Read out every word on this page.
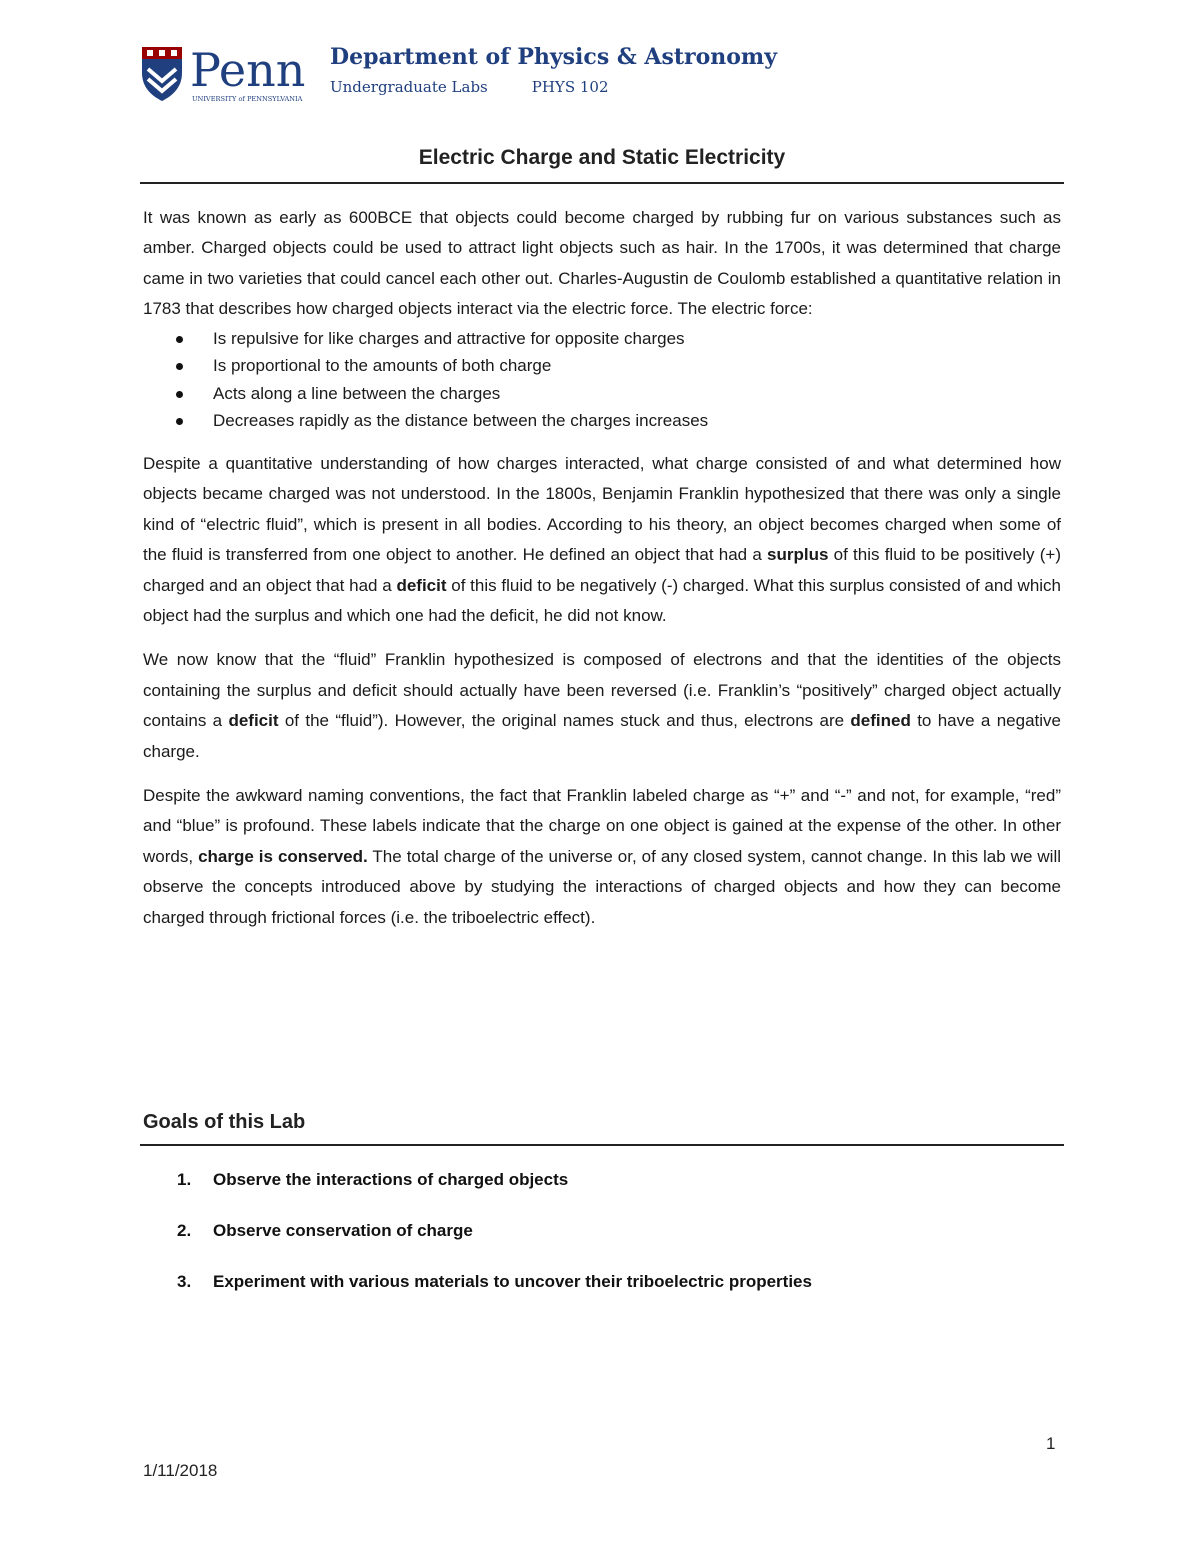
Penn
UNIVERSITY of PENNSYLVANIA
Department of Physics & Astronomy
Undergraduate Labs	PHYS 102
Electric Charge and Static Electricity

It was known as early as 600BCE that objects could become charged by rubbing fur on various substances such as amber. Charged objects could be used to attract light objects such as hair. In the 1700s, it was determined that charge came in two varieties that could cancel each other out. Charles-Augustin de Coulomb established a quantitative relation in 1783 that describes how charged objects interact via the electric force. The electric force:

Is repulsive for like charges and attractive for opposite charges
Is proportional to the amounts of both charge
Acts along a line between the charges
Decreases rapidly as the distance between the charges increases

Despite a quantitative understanding of how charges interacted, what charge consisted of and what determined how objects became charged was not understood. In the 1800s, Benjamin Franklin hypothesized that there was only a single kind of “electric fluid”, which is present in all bodies. According to his theory, an object becomes charged when some of the fluid is transferred from one object to another. He defined an object that had a surplus of this fluid to be positively (+) charged and an object that had a deficit of this fluid to be negatively (-) charged. What this surplus consisted of and which object had the surplus and which one had the deficit, he did not know.

We now know that the “fluid” Franklin hypothesized is composed of electrons and that the identities of the objects containing the surplus and deficit should actually have been reversed (i.e. Franklin’s “positively” charged object actually contains a deficit of the “fluid”). However, the original names stuck and thus, electrons are defined to have a negative charge.

Despite the awkward naming conventions, the fact that Franklin labeled charge as “+” and “-” and not, for example, “red” and “blue” is profound. These labels indicate that the charge on one object is gained at the expense of the other. In other words, charge is conserved. The total charge of the universe or, of any closed system, cannot change. In this lab we will observe the concepts introduced above by studying the interactions of charged objects and how they can become charged through frictional forces (i.e. the triboelectric effect).

Goals of this Lab
1. Observe the interactions of charged objects
2. Observe conservation of charge
3. Experiment with various materials to uncover their triboelectric properties
1
1/11/2018
